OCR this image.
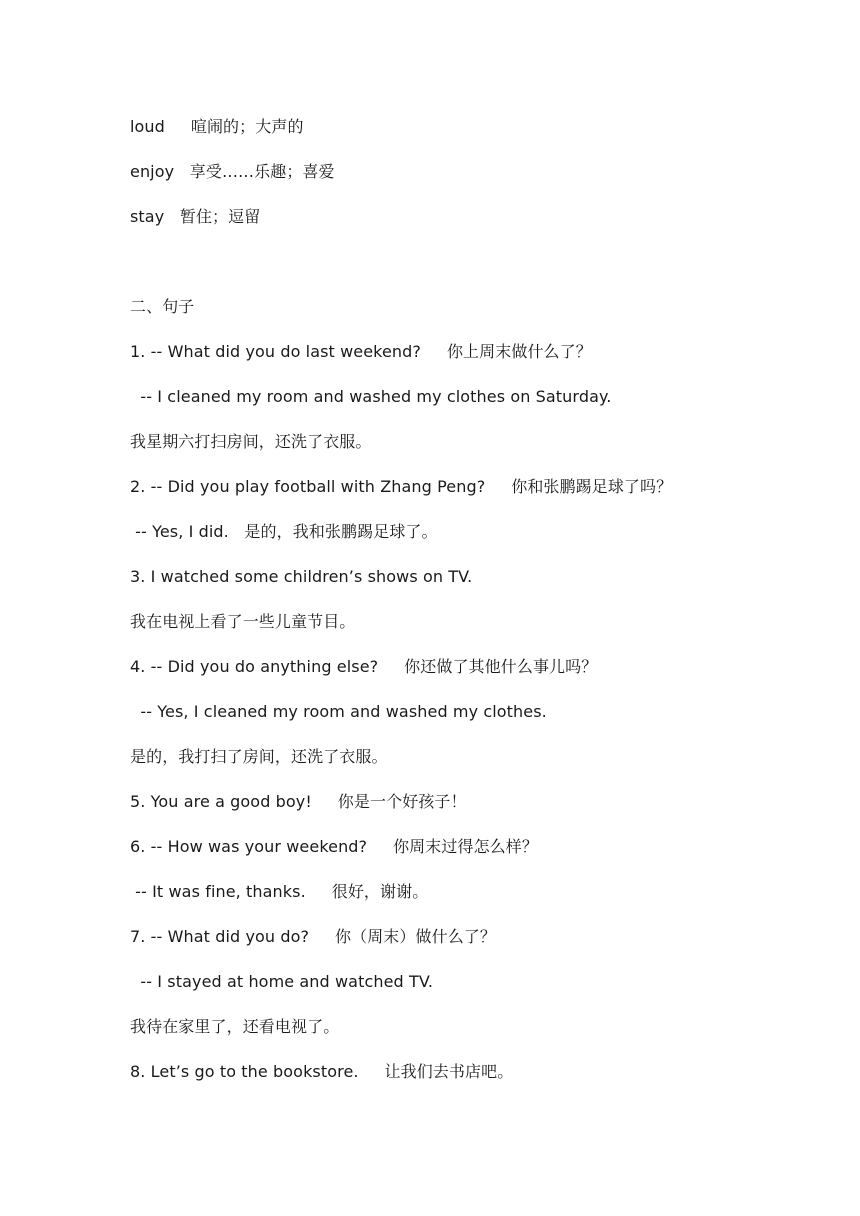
loud     喧闹的；大声的
enjoy   享受……乐趣；喜爱
stay   暂住；逗留
二、句子
1. -- What did you do last weekend?     你上周末做什么了？
-- I cleaned my room and washed my clothes on Saturday.
我星期六打扫房间，还洗了衣服。
2. -- Did you play football with Zhang Peng?     你和张鹏踢足球了吗？
-- Yes, I did.   是的，我和张鹏踢足球了。
3. I watched some children’s shows on TV.
我在电视上看了一些儿童节目。
4. -- Did you do anything else?     你还做了其他什么事儿吗？
-- Yes, I cleaned my room and washed my clothes.
是的，我打扫了房间，还洗了衣服。
5. You are a good boy!     你是一个好孩子！
6. -- How was your weekend?     你周末过得怎么样？
-- It was fine, thanks.     很好，谢谢。
7. -- What did you do?     你（周末）做什么了？
-- I stayed at home and watched TV.
我待在家里了，还看电视了。
8. Let’s go to the bookstore.     让我们去书店吧。
